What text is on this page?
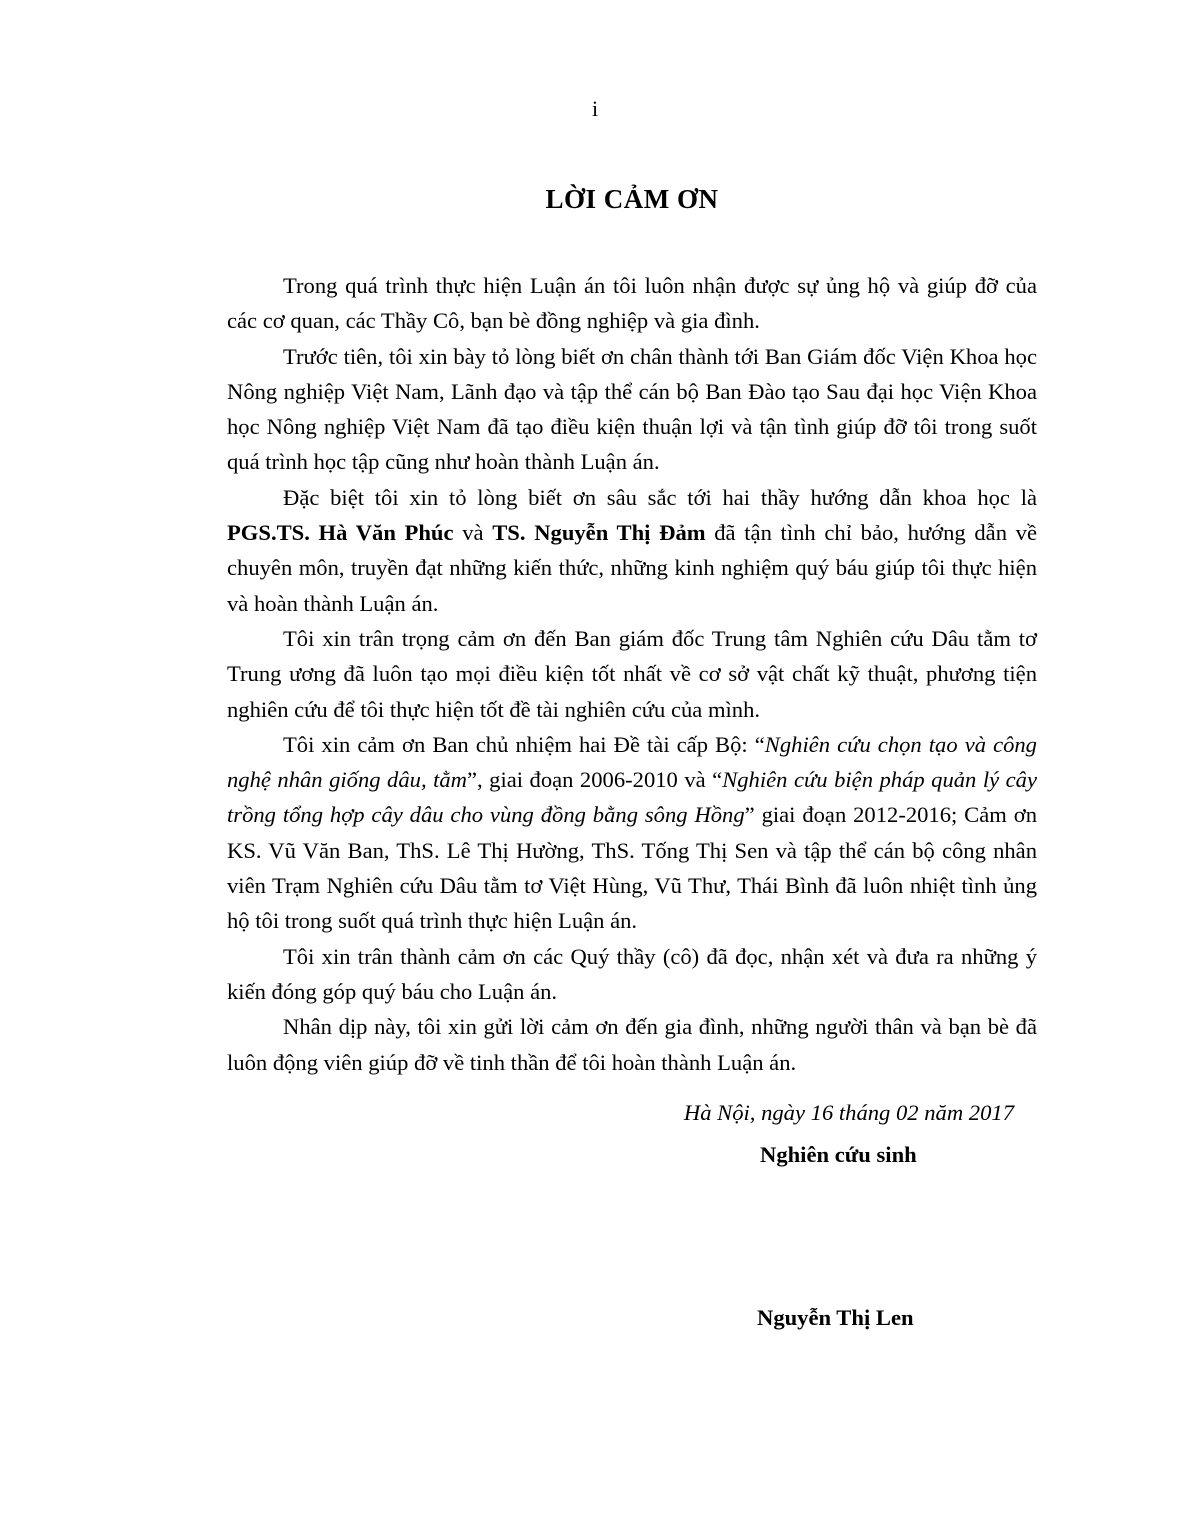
i
LỜI CẢM ƠN

Trong quá trình thực hiện Luận án tôi luôn nhận được sự ủng hộ và giúp đỡ của các cơ quan, các Thầy Cô, bạn bè đồng nghiệp và gia đình.

Trước tiên, tôi xin bày tỏ lòng biết ơn chân thành tới Ban Giám đốc Viện Khoa học Nông nghiệp Việt Nam, Lãnh đạo và tập thể cán bộ Ban Đào tạo Sau đại học Viện Khoa học Nông nghiệp Việt Nam đã tạo điều kiện thuận lợi và tận tình giúp đỡ tôi trong suốt quá trình học tập cũng như hoàn thành Luận án.

Đặc biệt tôi xin tỏ lòng biết ơn sâu sắc tới hai thầy hướng dẫn khoa học là PGS.TS. Hà Văn Phúc và TS. Nguyễn Thị Đảm đã tận tình chỉ bảo, hướng dẫn về chuyên môn, truyền đạt những kiến thức, những kinh nghiệm quý báu giúp tôi thực hiện và hoàn thành Luận án.

Tôi xin trân trọng cảm ơn đến Ban giám đốc Trung tâm Nghiên cứu Dâu tằm tơ Trung ương đã luôn tạo mọi điều kiện tốt nhất về cơ sở vật chất kỹ thuật, phương tiện nghiên cứu để tôi thực hiện tốt đề tài nghiên cứu của mình.

Tôi xin cảm ơn Ban chủ nhiệm hai Đề tài cấp Bộ: “Nghiên cứu chọn tạo và công nghệ nhân giống dâu, tằm”, giai đoạn 2006-2010 và “Nghiên cứu biện pháp quản lý cây trồng tổng hợp cây dâu cho vùng đồng bằng sông Hồng” giai đoạn 2012-2016; Cảm ơn KS. Vũ Văn Ban, ThS. Lê Thị Hường, ThS. Tống Thị Sen và tập thể cán bộ công nhân viên Trạm Nghiên cứu Dâu tằm tơ Việt Hùng, Vũ Thư, Thái Bình đã luôn nhiệt tình ủng hộ tôi trong suốt quá trình thực hiện Luận án.

Tôi xin trân thành cảm ơn các Quý thầy (cô) đã đọc, nhận xét và đưa ra những ý kiến đóng góp quý báu cho Luận án.

Nhân dịp này, tôi xin gửi lời cảm ơn đến gia đình, những người thân và bạn bè đã luôn động viên giúp đỡ về tinh thần để tôi hoàn thành Luận án.

Hà Nội, ngày 16 tháng 02 năm 2017
Nghiên cứu sinh
Nguyễn Thị Len
